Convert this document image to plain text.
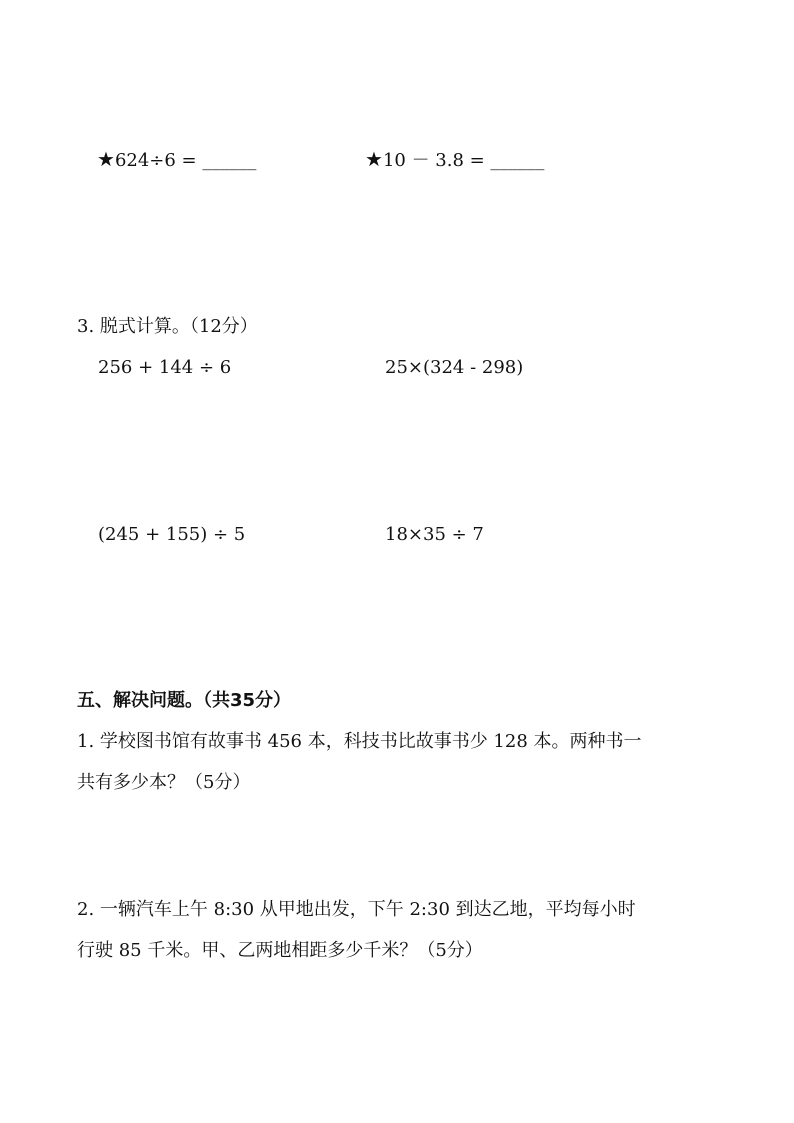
★624÷6 = ______	★10 － 3.8 = ______
3. 脱式计算。（12分）
256 + 144 ÷ 6	25×(324 - 298)
(245 + 155) ÷ 5	18×35 ÷ 7
五、解决问题。（共35分）
1. 学校图书馆有故事书 456 本，科技书比故事书少 128 本。两种书一
共有多少本？（5分）
2. 一辆汽车上午 8:30 从甲地出发，下午 2:30 到达乙地，平均每小时
行驶 85 千米。甲、乙两地相距多少千米？（5分）
